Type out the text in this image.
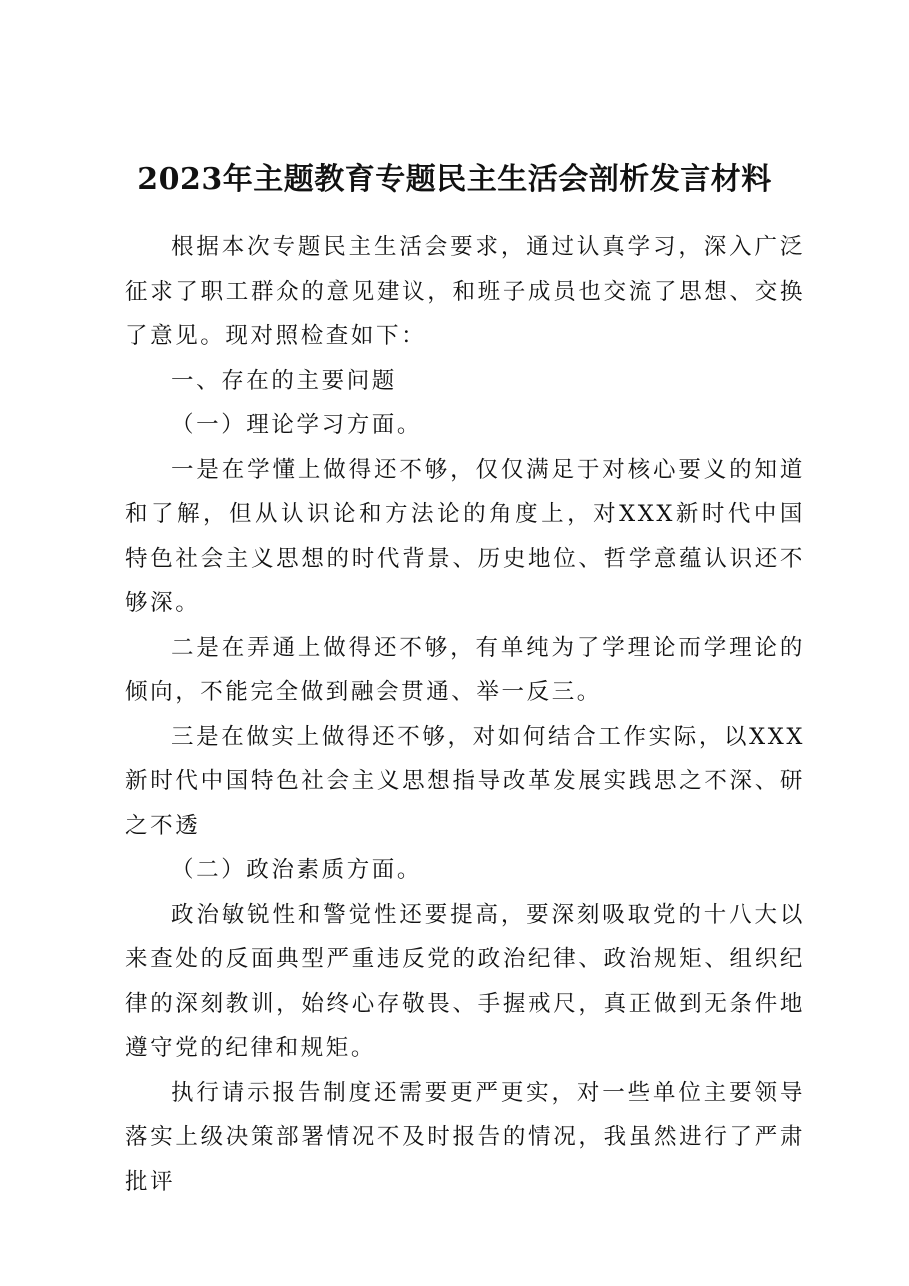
2023年主题教育专题民主生活会剖析发言材料

根据本次专题民主生活会要求，通过认真学习，深入广泛征求了职工群众的意见建议，和班子成员也交流了思想、交换了意见。现对照检查如下：

一、存在的主要问题

（一）理论学习方面。

一是在学懂上做得还不够，仅仅满足于对核心要义的知道和了解，但从认识论和方法论的角度上，对XXX新时代中国特色社会主义思想的时代背景、历史地位、哲学意蕴认识还不够深。

二是在弄通上做得还不够，有单纯为了学理论而学理论的倾向，不能完全做到融会贯通、举一反三。

三是在做实上做得还不够，对如何结合工作实际，以XXX新时代中国特色社会主义思想指导改革发展实践思之不深、研之不透

（二）政治素质方面。

政治敏锐性和警觉性还要提高，要深刻吸取党的十八大以来查处的反面典型严重违反党的政治纪律、政治规矩、组织纪律的深刻教训，始终心存敬畏、手握戒尺，真正做到无条件地遵守党的纪律和规矩。

执行请示报告制度还需要更严更实，对一些单位主要领导落实上级决策部署情况不及时报告的情况，我虽然进行了严肃批评
